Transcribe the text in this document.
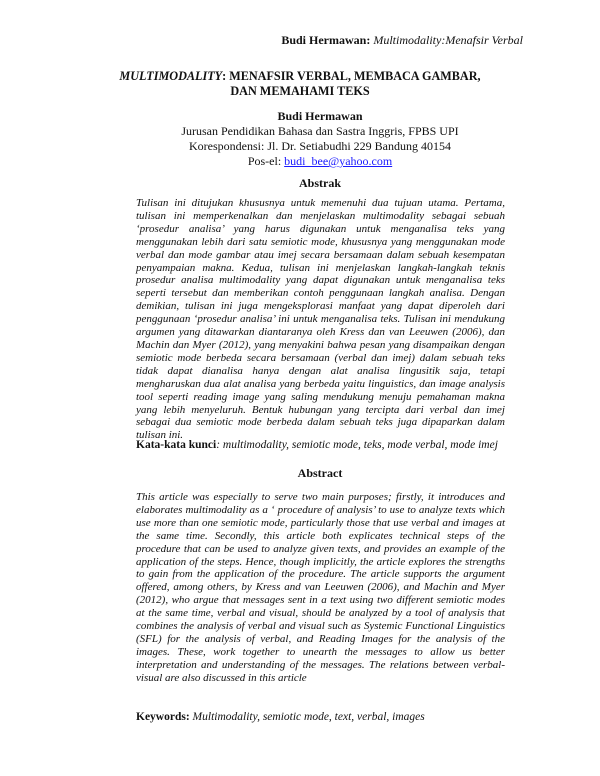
Budi Hermawan: Multimodality:Menafsir Verbal
MULTIMODALITY: MENAFSIR VERBAL, MEMBACA GAMBAR,
DAN MEMAHAMI TEKS
Budi Hermawan
Jurusan Pendidikan Bahasa dan Sastra Inggris, FPBS UPI
Korespondensi: Jl. Dr. Setiabudhi 229 Bandung 40154
Pos-el: budi_bee@yahoo.com
Abstrak
Tulisan ini ditujukan khususnya untuk memenuhi dua tujuan utama. Pertama, tulisan ini memperkenalkan dan menjelaskan multimodality sebagai sebuah ‘prosedur analisa’ yang harus digunakan untuk menganalisa teks yang menggunakan lebih dari satu semiotic mode, khususnya yang menggunakan mode verbal dan mode gambar atau imej secara bersamaan dalam sebuah kesempatan penyampaian makna. Kedua, tulisan ini menjelaskan langkah-langkah teknis prosedur analisa multimodality yang dapat digunakan untuk menganalisa teks seperti tersebut dan memberikan contoh penggunaan langkah analisa. Dengan demikian, tulisan ini juga mengeksplorasi manfaat yang dapat diperoleh dari penggunaan ‘prosedur analisa’ ini untuk menganalisa teks. Tulisan ini mendukung argumen yang ditawarkan diantaranya oleh Kress dan van Leeuwen (2006), dan Machin dan Myer (2012), yang menyakini bahwa pesan yang disampaikan dengan semiotic mode berbeda secara bersamaan (verbal dan imej) dalam sebuah teks tidak dapat dianalisa hanya dengan alat analisa lingusitik saja, tetapi mengharuskan dua alat analisa yang berbeda yaitu linguistics, dan image analysis tool seperti reading image yang saling mendukung menuju pemahaman makna yang lebih menyeluruh. Bentuk hubungan yang tercipta dari verbal dan imej sebagai dua semiotic mode berbeda dalam sebuah teks juga dipaparkan dalam tulisan ini.
Kata-kata kunci: multimodality, semiotic mode, teks, mode verbal, mode imej
Abstract
This article was especially to serve two main purposes; firstly, it introduces and elaborates multimodality as a ‘ procedure of analysis’ to use to analyze texts which use more than one semiotic mode, particularly those that use verbal and images at the same time. Secondly, this article both explicates technical steps of the procedure that can be used to analyze given texts, and provides an example of the application of the steps. Hence, though implicitly, the article explores the strengths to gain from the application of the procedure. The article supports the argument offered, among others, by Kress and van Leeuwen (2006), and Machin and Myer (2012), who argue that messages sent in a text using two different semiotic modes at the same time, verbal and visual, should be analyzed by a tool of analysis that combines the analysis of verbal and visual such as Systemic Functional Linguistics (SFL) for the analysis of verbal, and Reading Images for the analysis of the images. These, work together to unearth the messages to allow us better interpretation and understanding of the messages. The relations between verbal-visual are also discussed in this article
Keywords: Multimodality, semiotic mode, text, verbal, images
